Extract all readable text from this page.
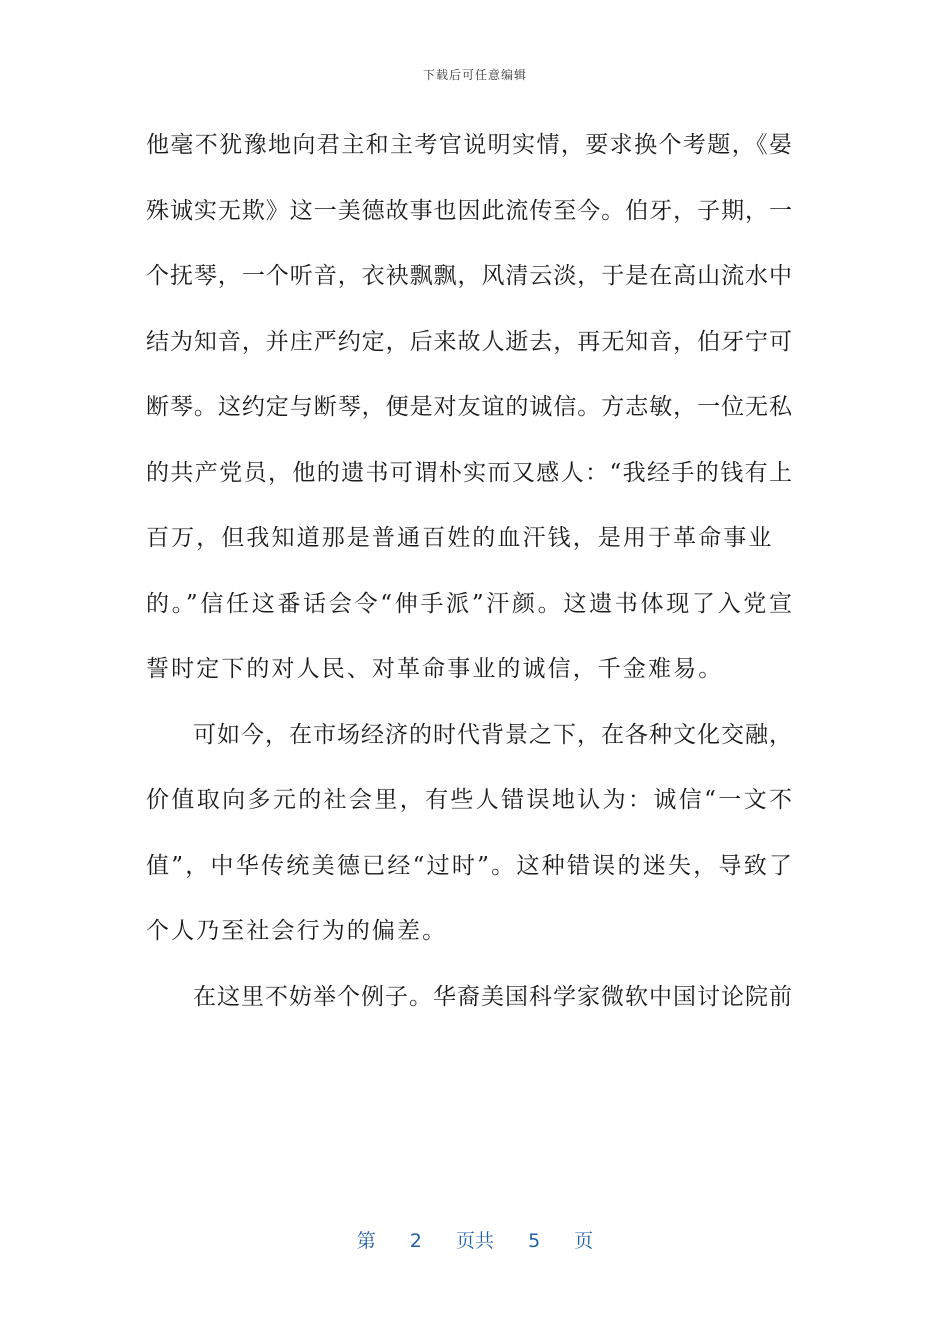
下载后可任意编辑
他毫不犹豫地向君主和主考官说明实情，要求换个考题，《晏
殊诚实无欺》这一美德故事也因此流传至今。伯牙，子期，一
个抚琴，一个听音，衣袂飘飘，风清云淡，于是在高山流水中
结为知音，并庄严约定，后来故人逝去，再无知音，伯牙宁可
断琴。这约定与断琴，便是对友谊的诚信。方志敏，一位无私
的共产党员，他的遗书可谓朴实而又感人：“我经手的钱有上
百万，但我知道那是普通百姓的血汗钱，是用于革命事业
的。”信任这番话会令“伸手派”汗颜。这遗书体现了入党宣
誓时定下的对人民、对革命事业的诚信，千金难易。
可如今，在市场经济的时代背景之下，在各种文化交融，
价值取向多元的社会里，有些人错误地认为：诚信“一文不
值”，中华传统美德已经“过时”。这种错误的迷失，导致了
个人乃至社会行为的偏差。
在这里不妨举个例子。华裔美国科学家微软中国讨论院前
第 2 页共 5 页
